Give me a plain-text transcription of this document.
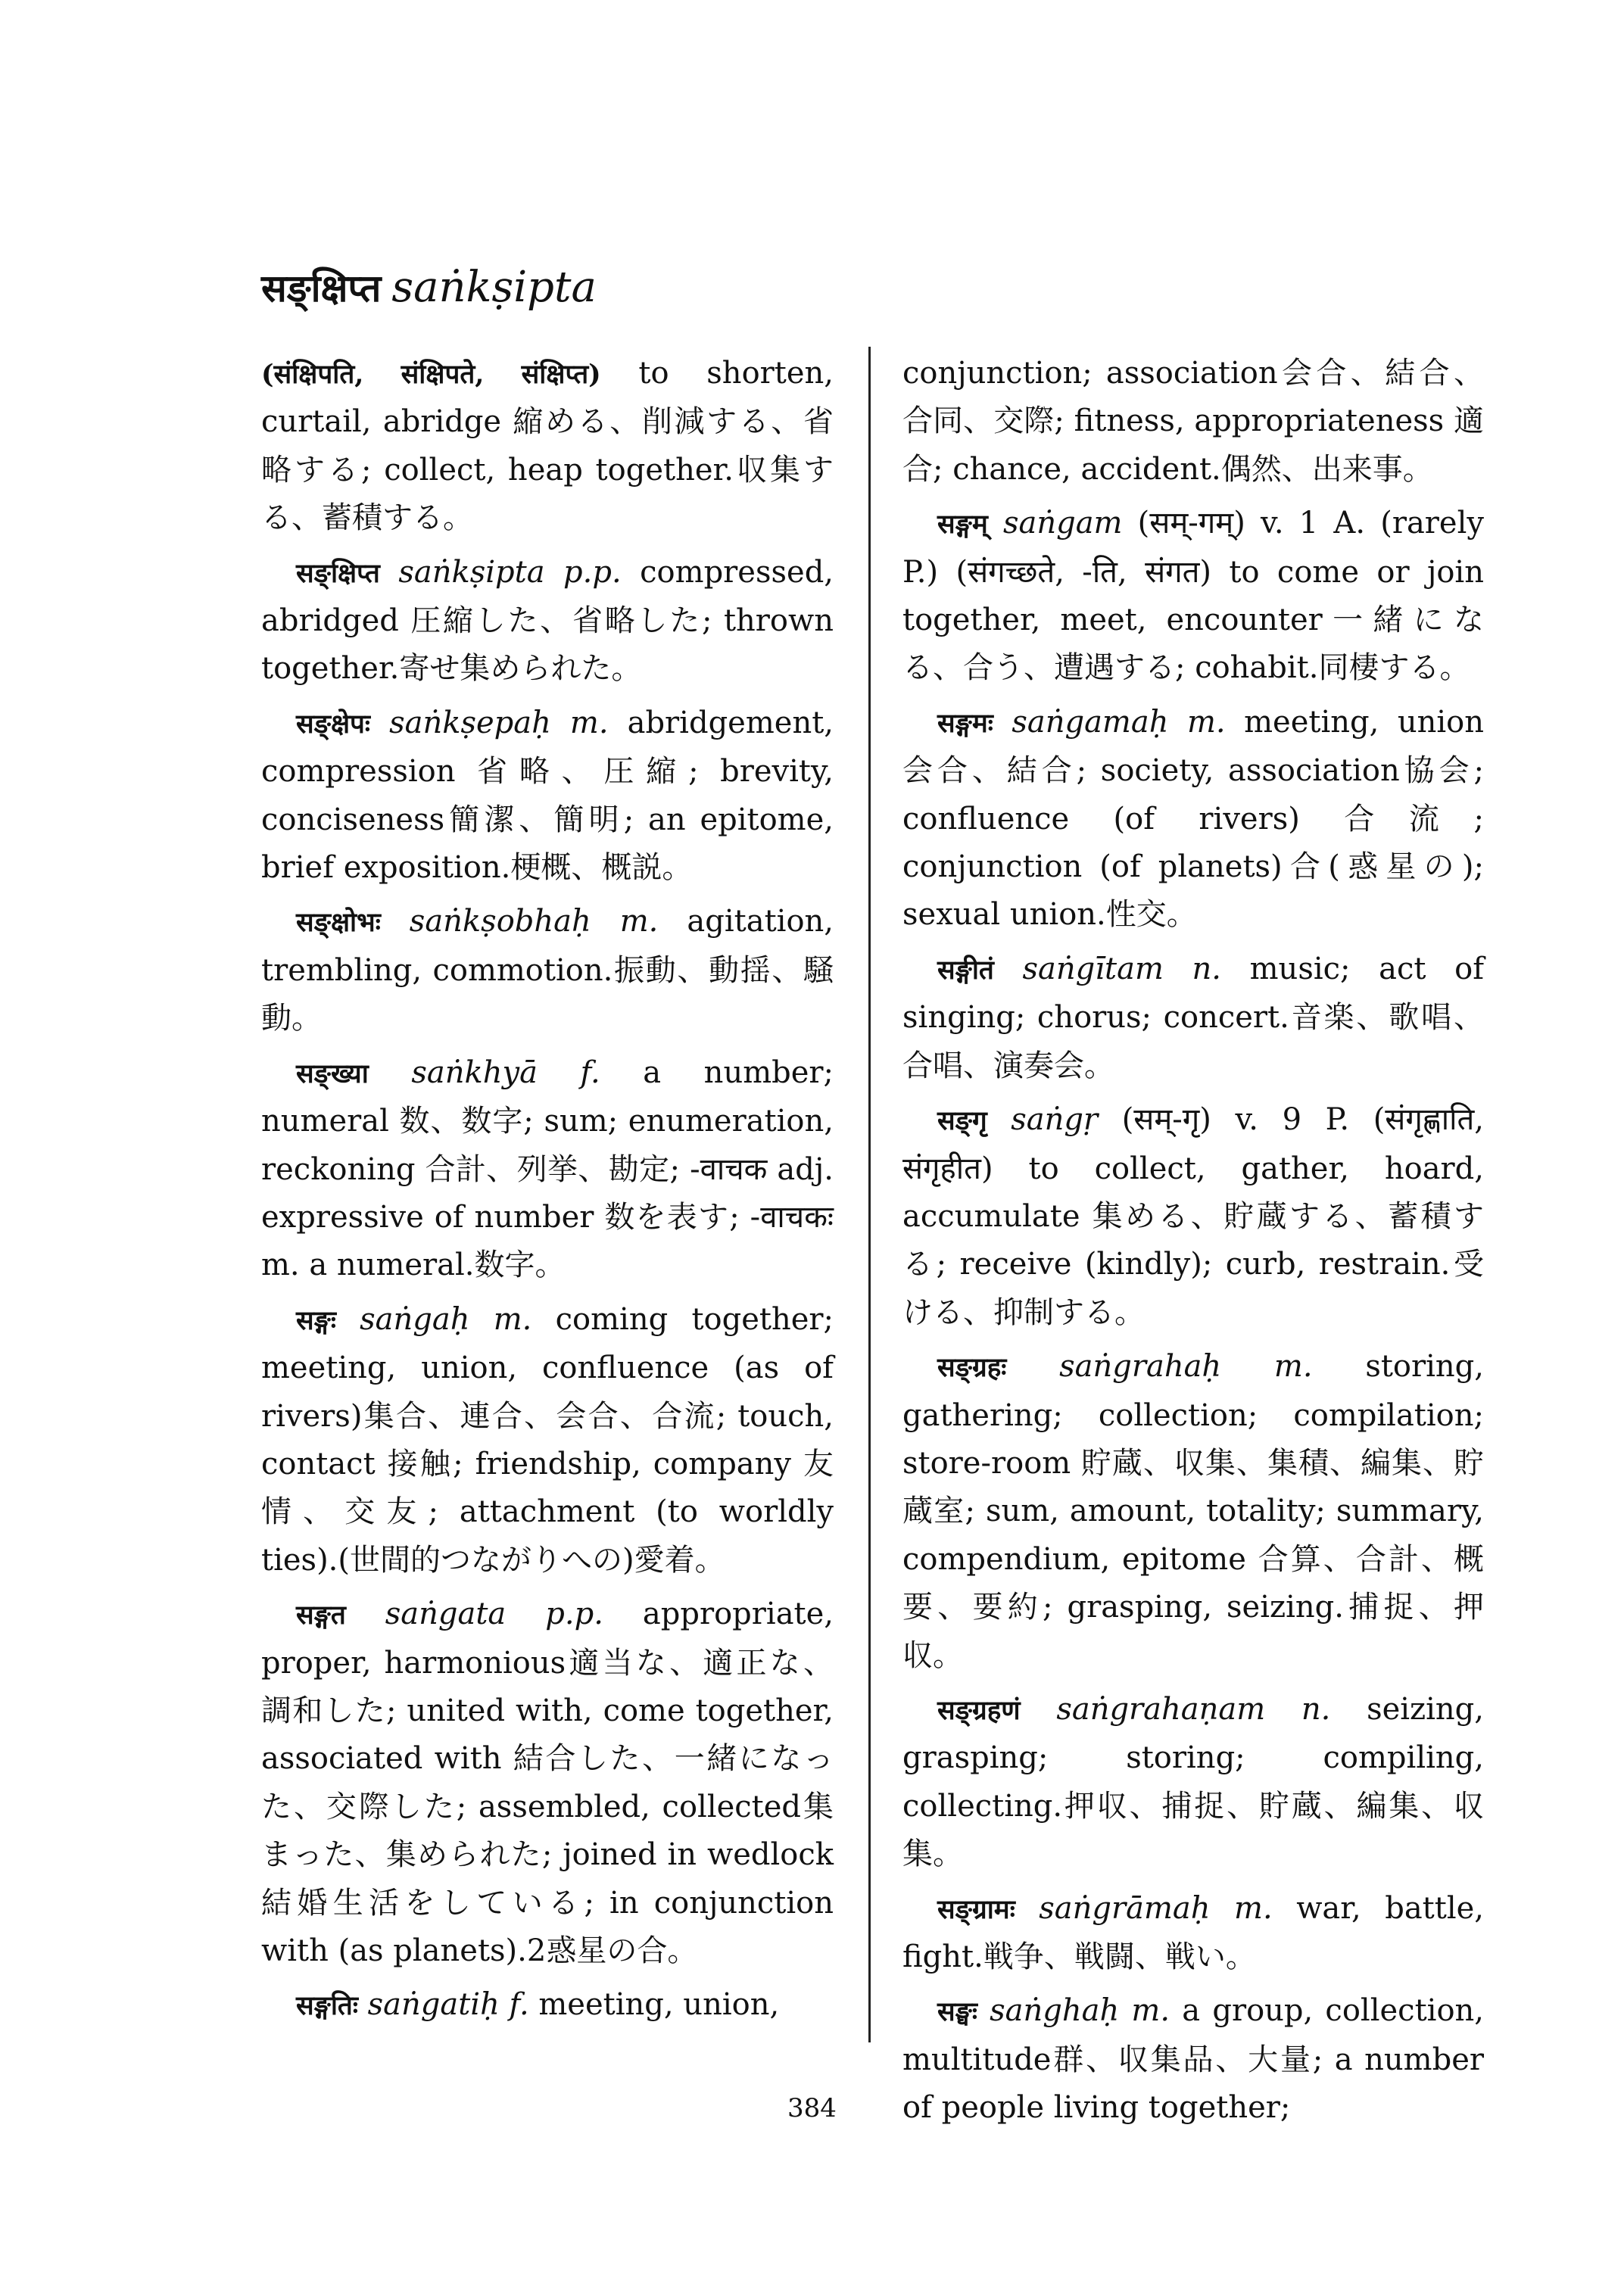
सङ्क्षिप्त saṅkṣipta

(संक्षिपति, संक्षिपते, संक्षिप्त) to shorten, curtail, abridge 縮める、削減する、省略する; collect, heap together.収集する、蓄積する。

सङ्क्षिप्त saṅkṣipta p.p. compressed, abridged 圧縮した、省略した; thrown together.寄せ集められた。

सङ्क्षेपः saṅkṣepaḥ m. abridgement, compression 省略、圧縮; brevity, conciseness簡潔、簡明; an epitome, brief exposition.梗概、概説。

सङ्क्षोभः saṅkṣobhaḥ m. agitation, trembling, commotion.振動、動揺、騒動。

सङ्ख्या saṅkhyā f. a number; numeral 数、数字; sum; enumeration, reckoning 合計、列挙、勘定; -वाचक adj. expressive of number 数を表す; -वाचकः m. a numeral.数字。

सङ्गः saṅgaḥ m. coming together; meeting, union, confluence (as of rivers)集合、連合、会合、合流; touch, contact 接触; friendship, company 友情、交友; attachment (to worldly ties).(世間的つながりへの)愛着。

सङ्गत saṅgata p.p. appropriate, proper, harmonious適当な、適正な、調和した; united with, come together, associated with 結合した、一緒になった、交際した; assembled, collected集まった、集められた; joined in wedlock結婚生活をしている; in conjunction with (as planets).2惑星の合。

सङ्गतिः saṅgatiḥ f. meeting, union,

conjunction; association会合、結合、合同、交際; fitness, appropriateness 適合; chance, accident.偶然、出来事。

सङ्गम् saṅgam (सम्-गम्) v. 1 A. (rarely P.) (संगच्छते, -ति, संगत) to come or join together, meet, encounter一緒になる、合う、遭遇する; cohabit.同棲する。

सङ्गमः saṅgamaḥ m. meeting, union 会合、結合; society, association協会; confluence (of rivers) 合流; conjunction (of planets)合(惑星の); sexual union.性交。

सङ्गीतं saṅgītam n. music; act of singing; chorus; concert.音楽、歌唱、合唱、演奏会。

सङ्गृ saṅgṛ (सम्-गृ) v. 9 P. (संगृह्णाति, संगृहीत) to collect, gather, hoard, accumulate 集める、貯蔵する、蓄積する; receive (kindly); curb, restrain.受ける、抑制する。

सङ्ग्रहः saṅgrahaḥ m. storing, gathering; collection; compilation; store-room 貯蔵、収集、集積、編集、貯蔵室; sum, amount, totality; summary, compendium, epitome 合算、合計、概要、要約; grasping, seizing.捕捉、押収。

सङ्ग्रहणं saṅgrahaṇam n. seizing, grasping; storing; compiling, collecting.押収、捕捉、貯蔵、編集、収集。

सङ्ग्रामः saṅgrāmaḥ m. war, battle, fight.戦争、戦闘、戦い。

सङ्घः saṅghaḥ m. a group, collection, multitude群、収集品、大量; a number of people living together;

384
